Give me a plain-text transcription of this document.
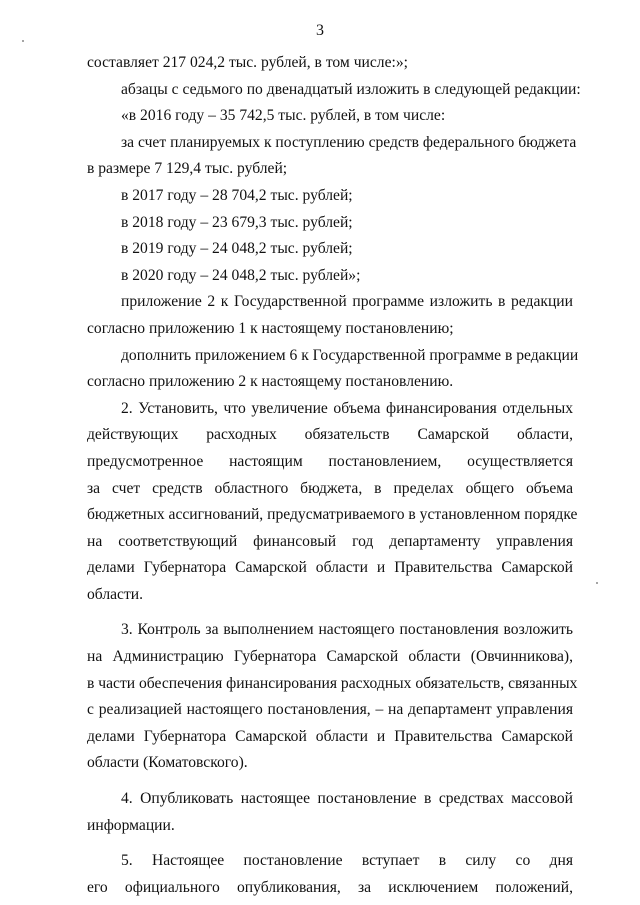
3
составляет 217 024,2 тыс. рублей, в том числе:»;
абзацы с седьмого по двенадцатый изложить в следующей редакции:
«в 2016 году – 35 742,5 тыс. рублей, в том числе:
за счет планируемых к поступлению средств федерального бюджета
в размере 7 129,4 тыс. рублей;
в 2017 году – 28 704,2 тыс. рублей;
в 2018 году – 23 679,3 тыс. рублей;
в 2019 году – 24 048,2 тыс. рублей;
в 2020 году – 24 048,2 тыс. рублей»;
приложение 2 к Государственной программе изложить в редакции
согласно приложению 1 к настоящему постановлению;
дополнить приложением 6 к Государственной программе в редакции
согласно приложению 2 к настоящему постановлению.
2. Установить, что увеличение объема финансирования отдельных
действующих расходных обязательств Самарской области,
предусмотренное настоящим постановлением, осуществляется
за счет средств областного бюджета, в пределах общего объема
бюджетных ассигнований, предусматриваемого в установленном порядке
на соответствующий финансовый год департаменту управления
делами Губернатора Самарской области и Правительства Самарской
области.
3. Контроль за выполнением настоящего постановления возложить
на Администрацию Губернатора Самарской области (Овчинникова),
в части обеспечения финансирования расходных обязательств, связанных
с реализацией настоящего постановления, – на департамент управления
делами Губернатора Самарской области и Правительства Самарской
области (Коматовского).
4. Опубликовать настоящее постановление в средствах массовой
информации.
5. Настоящее постановление вступает в силу со дня
его официального опубликования, за исключением положений,
